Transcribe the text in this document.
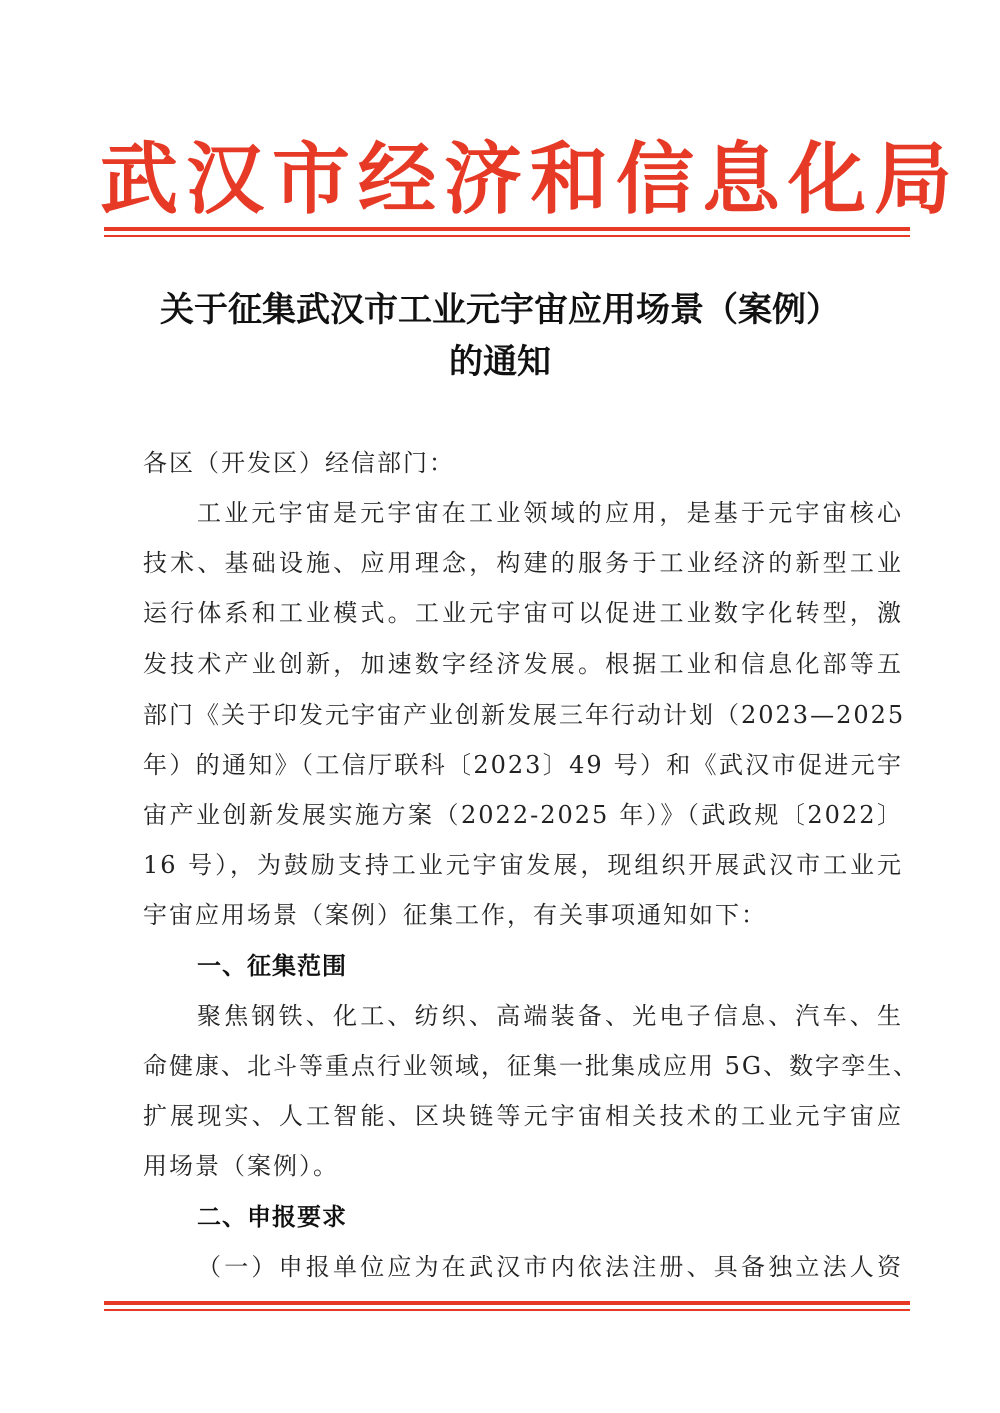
武汉市经济和信息化局
关于征集武汉市工业元宇宙应用场景（案例）
的通知
各区（开发区）经信部门：
工业元宇宙是元宇宙在工业领域的应用，是基于元宇宙核心
技术、基础设施、应用理念，构建的服务于工业经济的新型工业
运行体系和工业模式。工业元宇宙可以促进工业数字化转型，激
发技术产业创新，加速数字经济发展。根据工业和信息化部等五
部门《关于印发元宇宙产业创新发展三年行动计划（2023—2025
年）的通知》（工信厅联科〔2023〕49 号）和《武汉市促进元宇
宙产业创新发展实施方案（2022-2025 年）》（武政规〔2022〕
16 号），为鼓励支持工业元宇宙发展，现组织开展武汉市工业元
宇宙应用场景（案例）征集工作，有关事项通知如下：
一、征集范围
聚焦钢铁、化工、纺织、高端装备、光电子信息、汽车、生
命健康、北斗等重点行业领域，征集一批集成应用 5G、数字孪生、
扩展现实、人工智能、区块链等元宇宙相关技术的工业元宇宙应
用场景（案例）。
二、申报要求
（一）申报单位应为在武汉市内依法注册、具备独立法人资
